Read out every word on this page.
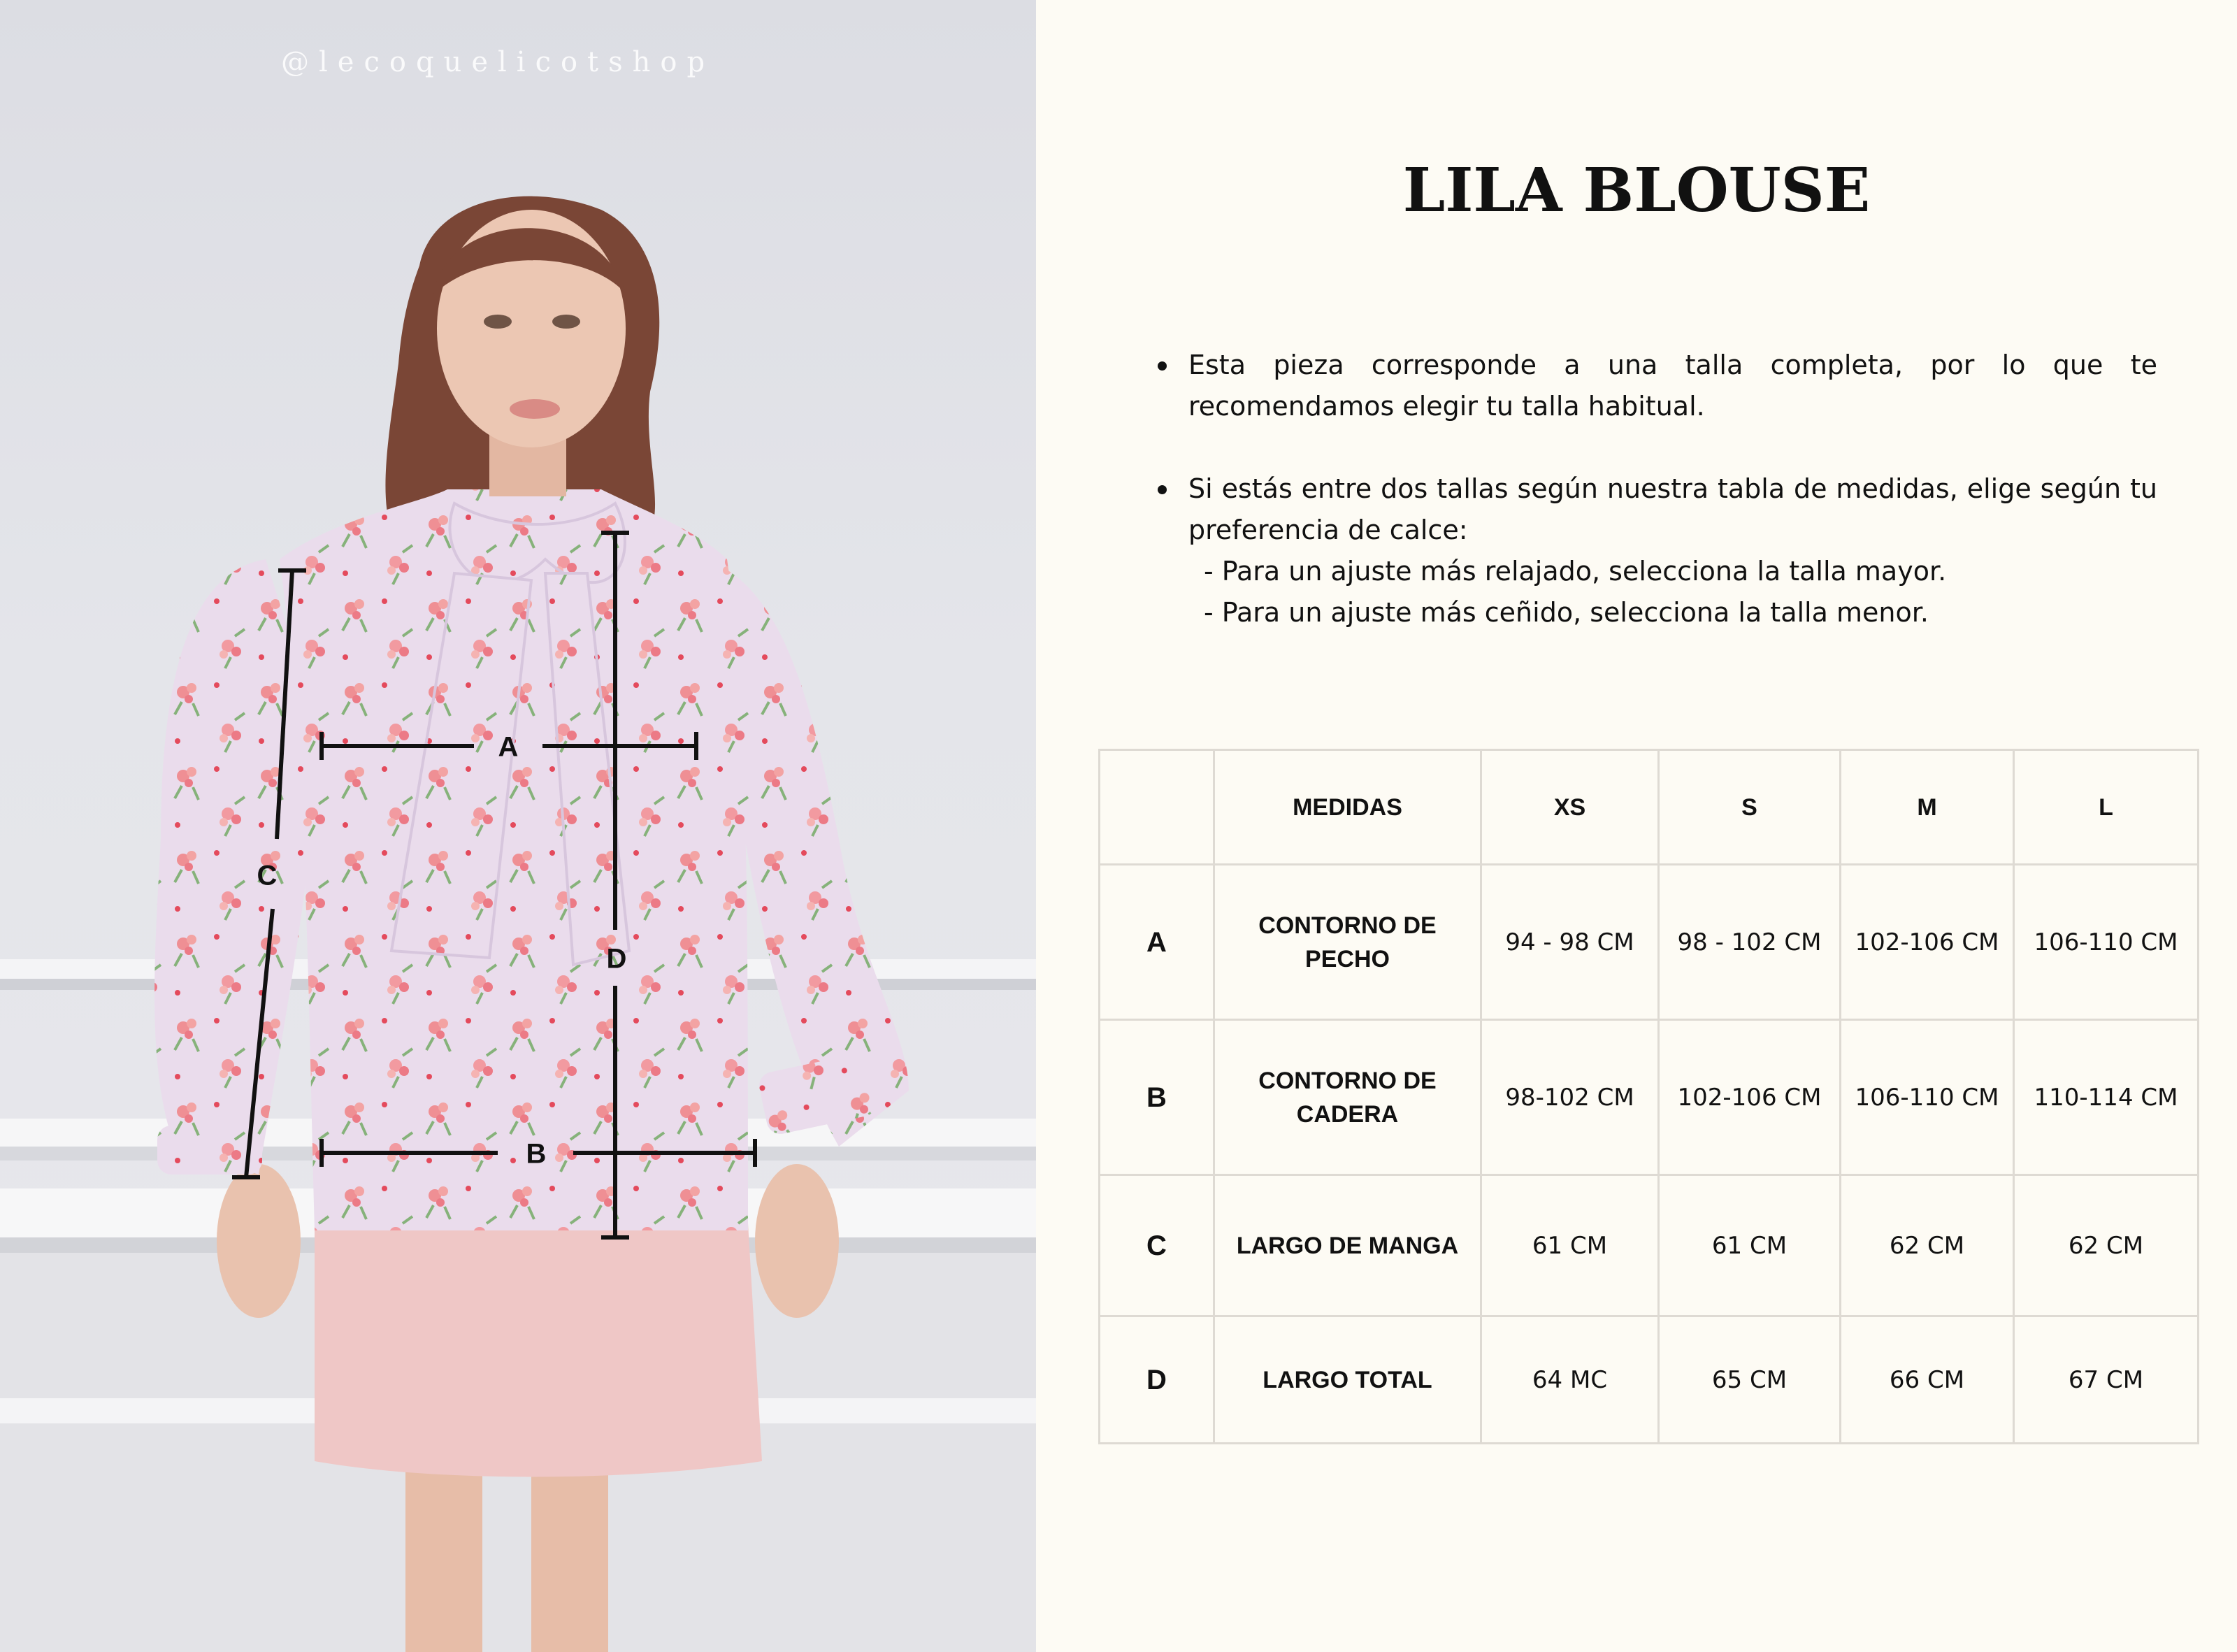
@lecoquelicotshop
A
B
C
D
LILA BLOUSE
Esta pieza corresponde a una talla completa, por lo que te recomendamos elegir tu talla habitual.
Si estás entre dos tallas según nuestra tabla de medidas, elige según tu preferencia de calce:
- Para un ajuste más relajado, selecciona la talla mayor.
- Para un ajuste más ceñido, selecciona la talla menor.
	MEDIDAS	XS	S	M	L
A	CONTORNO DE PECHO	94 - 98 CM	98 - 102 CM	102-106 CM	106-110 CM
B	CONTORNO DE CADERA	98-102 CM	102-106 CM	106-110 CM	110-114 CM
C	LARGO DE MANGA	61 CM	61 CM	62 CM	62 CM
D	LARGO TOTAL	64 MC	65 CM	66 CM	67 CM
